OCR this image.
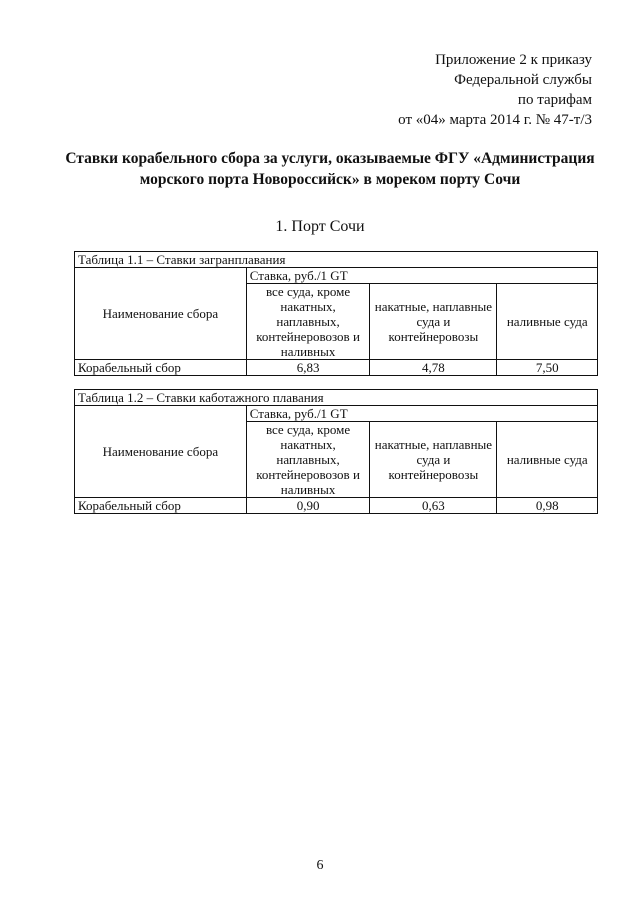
Приложение 2 к приказу
Федеральной службы
по тарифам
от «04» марта 2014 г. № 47-т/3
Ставки корабельного сбора за услуги, оказываемые ФГУ «Администрация
морского порта Новороссийск» в мореком порту Сочи
1. Порт Сочи
Таблица 1.1 – Ставки загранплавания			
Наименование сбора	Ставка, руб./1 GT		
	все суда, кроме накатных, наплавных, контейнеровозов и наливных	накатные, наплавные суда и контейнеровозы	наливные суда
Корабельный сбор	6,83	4,78	7,50
Таблица 1.2 – Ставки каботажного плавания			
Наименование сбора	Ставка, руб./1 GT		
	все суда, кроме накатных, наплавных, контейнеровозов и наливных	накатные, наплавные суда и контейнеровозы	наливные суда
Корабельный сбор	0,90	0,63	0,98
6
